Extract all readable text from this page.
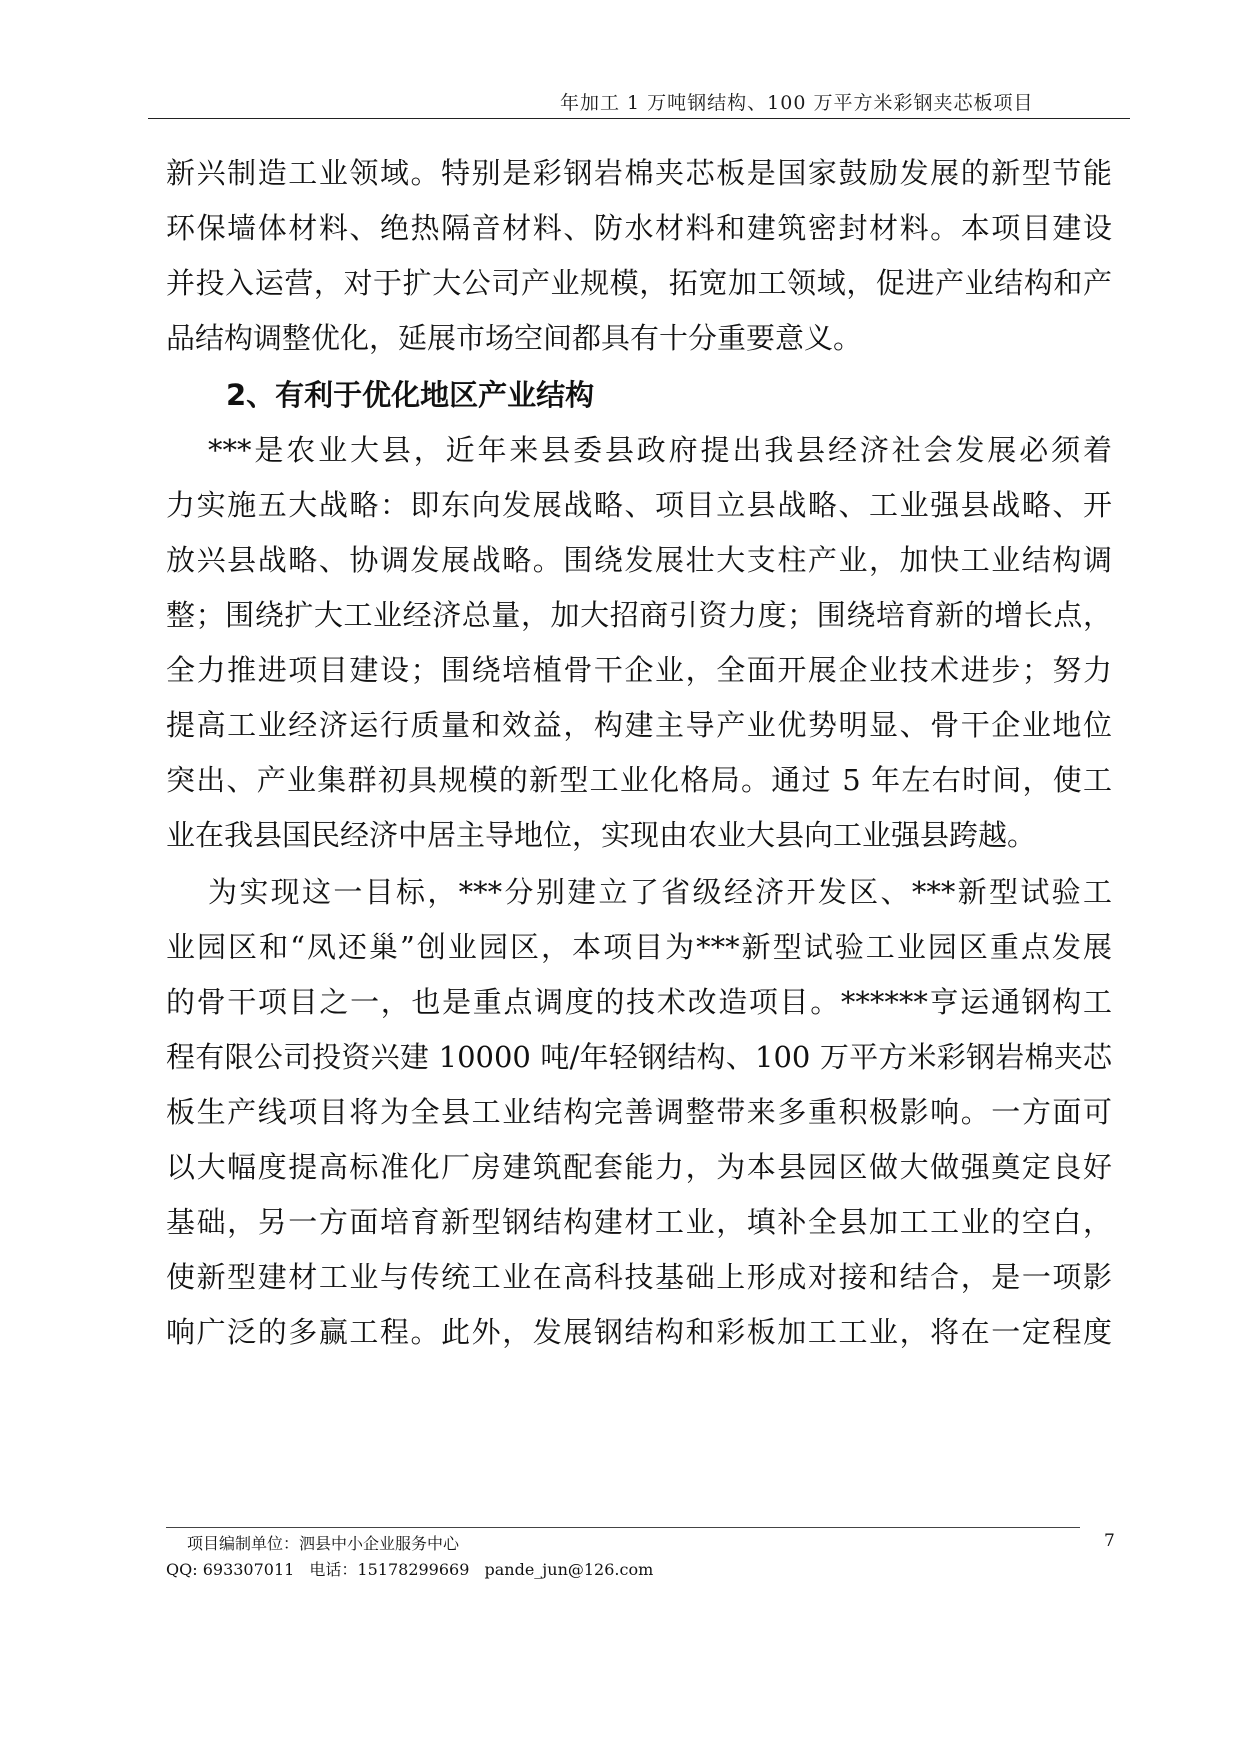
年加工 1 万吨钢结构、100 万平方米彩钢夹芯板项目
新兴制造工业领域。特别是彩钢岩棉夹芯板是国家鼓励发展的新型节能
环保墙体材料、绝热隔音材料、防水材料和建筑密封材料。本项目建设
并投入运营，对于扩大公司产业规模，拓宽加工领域，促进产业结构和产
品结构调整优化，延展市场空间都具有十分重要意义。
2、有利于优化地区产业结构
***是农业大县，近年来县委县政府提出我县经济社会发展必须着
力实施五大战略：即东向发展战略、项目立县战略、工业强县战略、开
放兴县战略、协调发展战略。围绕发展壮大支柱产业，加快工业结构调
整；围绕扩大工业经济总量，加大招商引资力度；围绕培育新的增长点，
全力推进项目建设；围绕培植骨干企业，全面开展企业技术进步；努力
提高工业经济运行质量和效益，构建主导产业优势明显、骨干企业地位
突出、产业集群初具规模的新型工业化格局。通过 5 年左右时间，使工
业在我县国民经济中居主导地位，实现由农业大县向工业强县跨越。
为实现这一目标，***分别建立了省级经济开发区、***新型试验工
业园区和“凤还巢”创业园区，本项目为***新型试验工业园区重点发展
的骨干项目之一，也是重点调度的技术改造项目。******亨运通钢构工
程有限公司投资兴建 10000 吨/年轻钢结构、100 万平方米彩钢岩棉夹芯
板生产线项目将为全县工业结构完善调整带来多重积极影响。一方面可
以大幅度提高标准化厂房建筑配套能力，为本县园区做大做强奠定良好
基础，另一方面培育新型钢结构建材工业，填补全县加工工业的空白，
使新型建材工业与传统工业在高科技基础上形成对接和结合，是一项影
响广泛的多赢工程。此外，发展钢结构和彩板加工工业，将在一定程度
项目编制单位：泗县中小企业服务中心	7
QQ: 693307011 电话：15178299669 pande_jun@126.com
